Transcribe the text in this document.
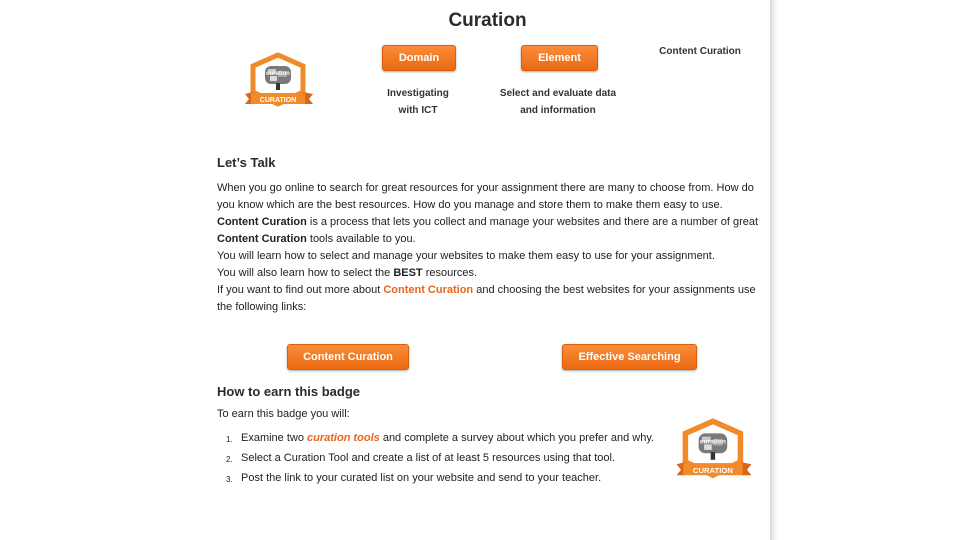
Curation
curation
CURATION
Domain	Element
Content Curation
Investigating
with ICT
Select and evaluate data
and information
Let’s Talk

When you go online to search for great resources for your assignment there are many to choose from. How do you know which are the best resources. How do you manage and store them to make them easy to use.

Content Curation is a process that lets you collect and manage your websites and there are a number of great Content Curation tools available to you.

You will learn how to select and manage your websites to make them easy to use for your assignment.

You will also learn how to select the BEST resources.

If you want to find out more about Content Curation and choosing the best websites for your assignments use the following links:

Content Curation	Effective Searching
How to earn this badge
To earn this badge you will:
1. Examine two curation tools and complete a survey about which you prefer and why.
2. Select a Curation Tool and create a list of at least 5 resources using that tool.
3. Post the link to your curated list on your website and send to your teacher.
curation
CURATION
